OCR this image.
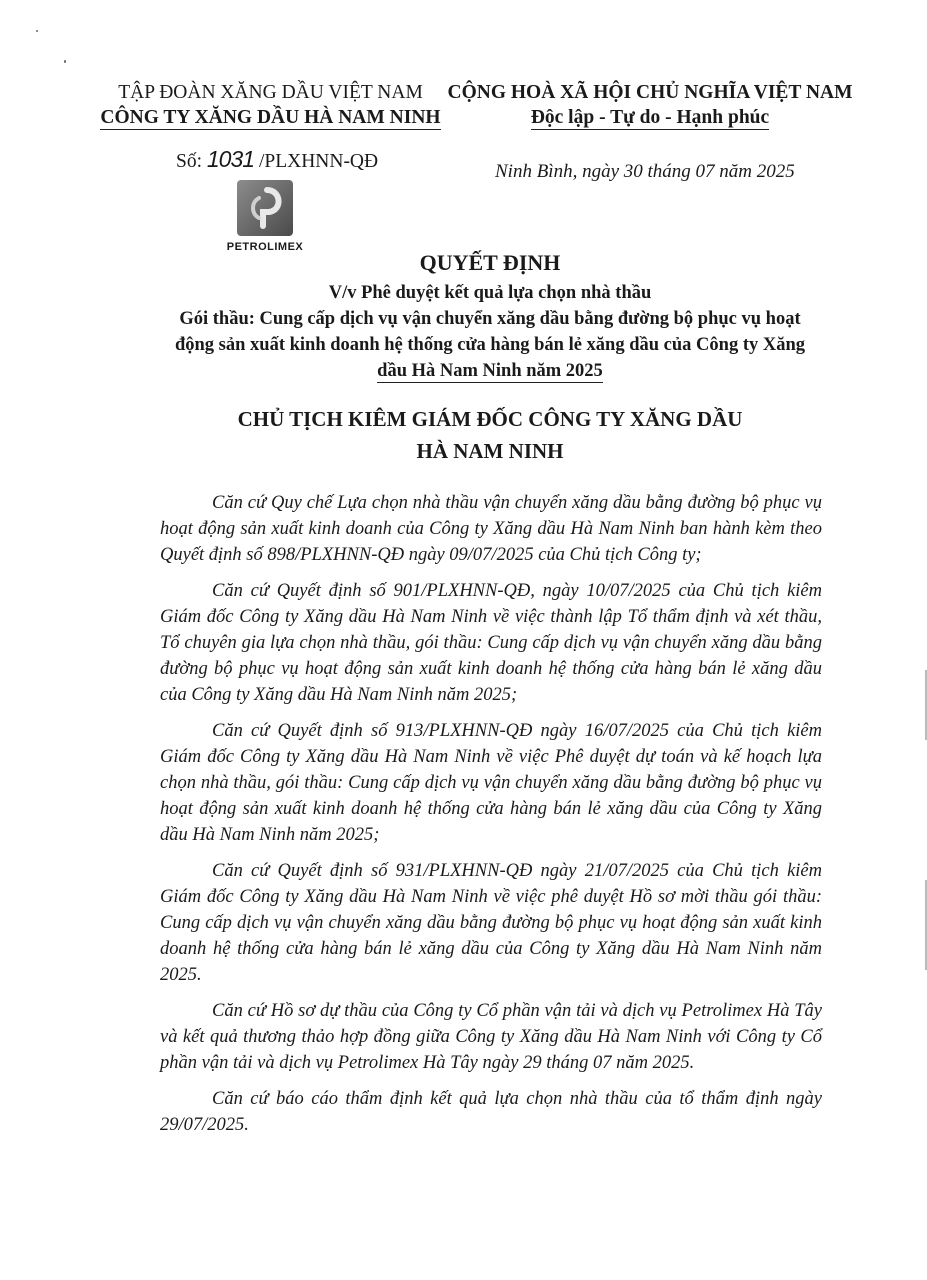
TẬP ĐOÀN XĂNG DẦU VIỆT NAM
CÔNG TY XĂNG DẦU HÀ NAM NINH
CỘNG HOÀ XÃ HỘI CHỦ NGHĨA VIỆT NAM
Độc lập - Tự do - Hạnh phúc
Số: 1031 /PLXHNN-QĐ	Ninh Bình, ngày 30 tháng 07 năm 2025
PETROLIMEX
QUYẾT ĐỊNH
V/v Phê duyệt kết quả lựa chọn nhà thầu
Gói thầu: Cung cấp dịch vụ vận chuyển xăng dầu bằng đường bộ phục vụ hoạt
động sản xuất kinh doanh hệ thống cửa hàng bán lẻ xăng dầu của Công ty Xăng
dầu Hà Nam Ninh năm 2025
CHỦ TỊCH KIÊM GIÁM ĐỐC CÔNG TY XĂNG DẦU
HÀ NAM NINH

Căn cứ Quy chế Lựa chọn nhà thầu vận chuyển xăng dầu bằng đường bộ phục vụ hoạt động sản xuất kinh doanh của Công ty Xăng dầu Hà Nam Ninh ban hành kèm theo Quyết định số 898/PLXHNN-QĐ ngày 09/07/2025 của Chủ tịch Công ty;

Căn cứ Quyết định số 901/PLXHNN-QĐ, ngày 10/07/2025 của Chủ tịch kiêm Giám đốc Công ty Xăng dầu Hà Nam Ninh về việc thành lập Tổ thẩm định và xét thầu, Tổ chuyên gia lựa chọn nhà thầu, gói thầu: Cung cấp dịch vụ vận chuyển xăng dầu bằng đường bộ phục vụ hoạt động sản xuất kinh doanh hệ thống cửa hàng bán lẻ xăng dầu của Công ty Xăng dầu Hà Nam Ninh năm 2025;

Căn cứ Quyết định số 913/PLXHNN-QĐ ngày 16/07/2025 của Chủ tịch kiêm Giám đốc Công ty Xăng dầu Hà Nam Ninh về việc Phê duyệt dự toán và kế hoạch lựa chọn nhà thầu, gói thầu: Cung cấp dịch vụ vận chuyển xăng dầu bằng đường bộ phục vụ hoạt động sản xuất kinh doanh hệ thống cửa hàng bán lẻ xăng dầu của Công ty Xăng dầu Hà Nam Ninh năm 2025;

Căn cứ Quyết định số 931/PLXHNN-QĐ ngày 21/07/2025 của Chủ tịch kiêm Giám đốc Công ty Xăng dầu Hà Nam Ninh về việc phê duyệt Hồ sơ mời thầu gói thầu: Cung cấp dịch vụ vận chuyển xăng dầu bằng đường bộ phục vụ hoạt động sản xuất kinh doanh hệ thống cửa hàng bán lẻ xăng dầu của Công ty Xăng dầu Hà Nam Ninh năm 2025.

Căn cứ Hồ sơ dự thầu của Công ty Cổ phần vận tải và dịch vụ Petrolimex Hà Tây và kết quả thương thảo hợp đồng giữa Công ty Xăng dầu Hà Nam Ninh với Công ty Cổ phần vận tải và dịch vụ Petrolimex Hà Tây ngày 29 tháng 07 năm 2025.

Căn cứ báo cáo thẩm định kết quả lựa chọn nhà thầu của tổ thẩm định ngày 29/07/2025.
